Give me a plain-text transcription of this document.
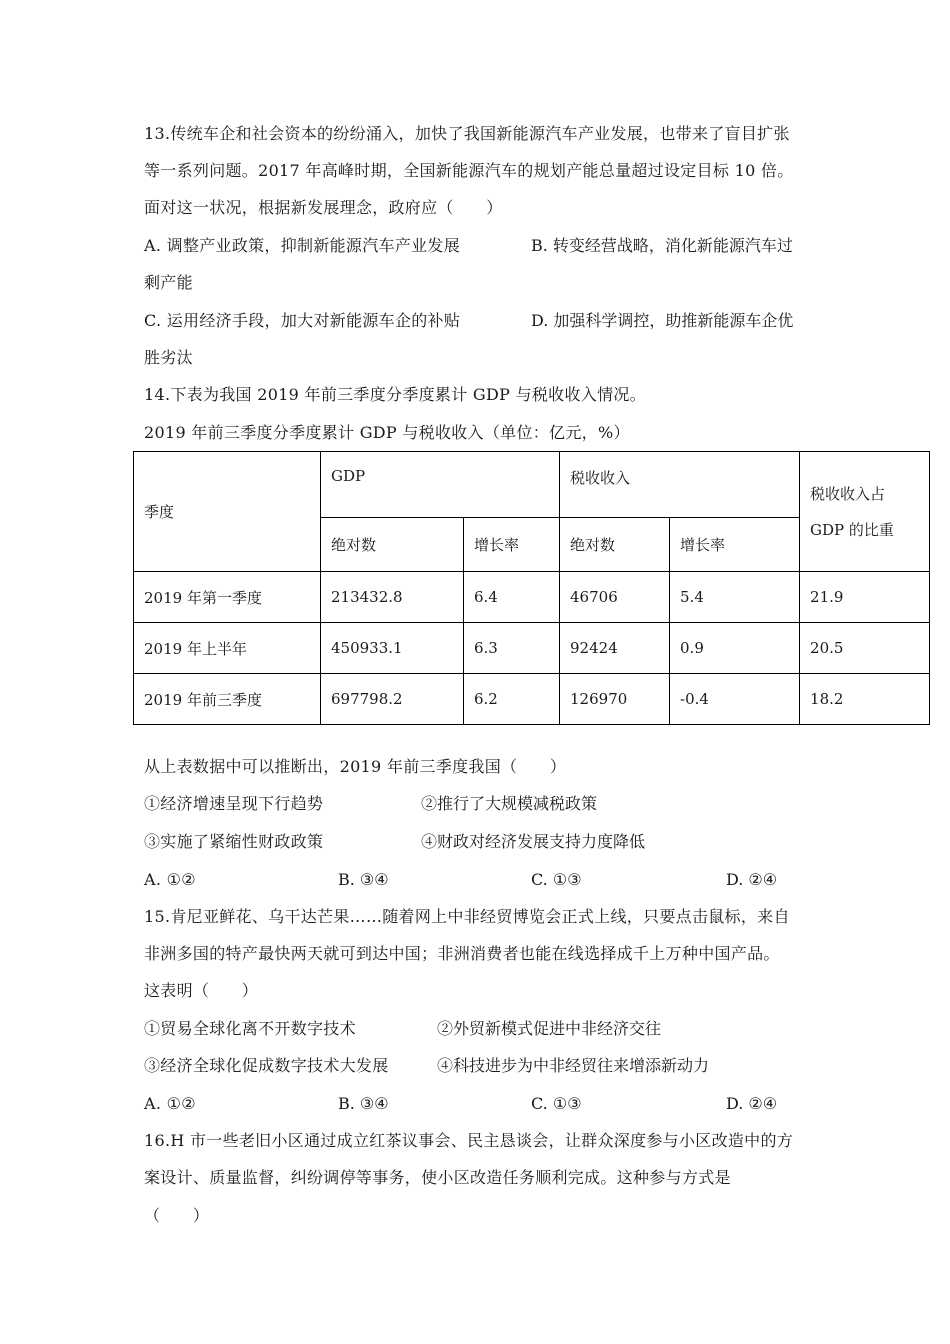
13.传统车企和社会资本的纷纷涌入，加快了我国新能源汽车产业发展，也带来了盲目扩张
等一系列问题。2017 年高峰时期，全国新能源汽车的规划产能总量超过设定目标 10 倍。
面对这一状况，根据新发展理念，政府应（　　）
A. 调整产业政策，抑制新能源汽车产业发展	B. 转变经营战略，消化新能源汽车过
剩产能
C. 运用经济手段，加大对新能源车企的补贴	D. 加强科学调控，助推新能源车企优
胜劣汰
14.下表为我国 2019 年前三季度分季度累计 GDP 与税收收入情况。
2019 年前三季度分季度累计 GDP 与税收收入（单位：亿元，%）
季度	GDP		税收收入		税收收入占
GDP 的比重
	绝对数	增长率	绝对数	增长率	
2019 年第一季度	213432.8	6.4	46706	5.4	21.9
2019 年上半年	450933.1	6.3	92424	0.9	20.5
2019 年前三季度	697798.2	6.2	126970	-0.4	18.2
从上表数据中可以推断出，2019 年前三季度我国（　　）
①经济增速呈现下行趋势	②推行了大规模减税政策
③实施了紧缩性财政政策	④财政对经济发展支持力度降低
A. ①②	B. ③④	C. ①③	D. ②④
15.肯尼亚鲜花、乌干达芒果……随着网上中非经贸博览会正式上线，只要点击鼠标，来自
非洲多国的特产最快两天就可到达中国；非洲消费者也能在线选择成千上万种中国产品。
这表明（　　）
①贸易全球化离不开数字技术	②外贸新模式促进中非经济交往
③经济全球化促成数字技术大发展	④科技进步为中非经贸往来增添新动力
A. ①②	B. ③④	C. ①③	D. ②④
16.H 市一些老旧小区通过成立红茶议事会、民主恳谈会，让群众深度参与小区改造中的方
案设计、质量监督，纠纷调停等事务，使小区改造任务顺利完成。这种参与方式是
（　　）
